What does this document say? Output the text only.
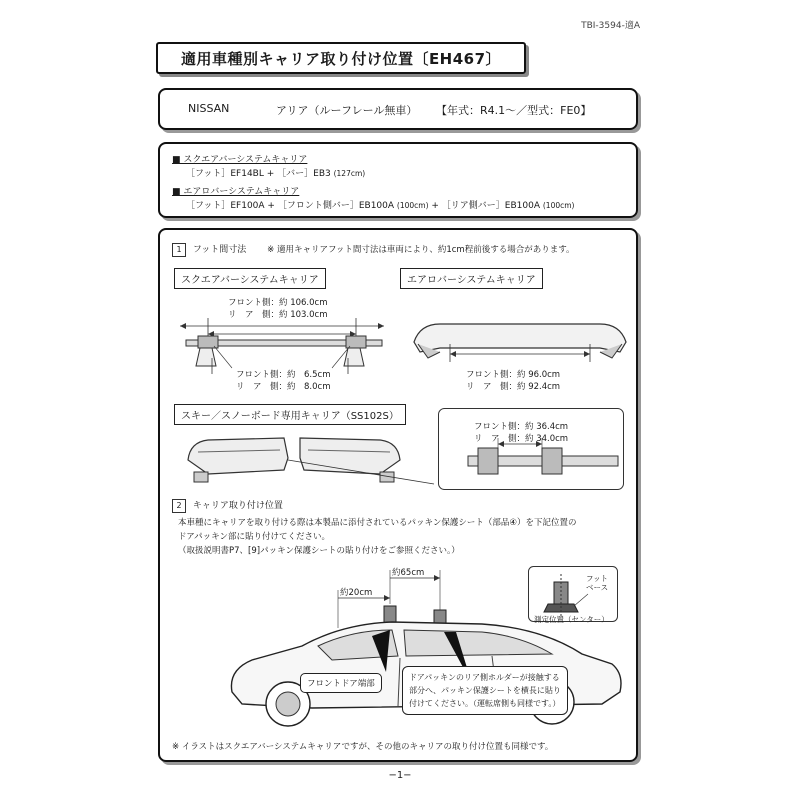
TBI-3594-適A
適用車種別キャリア取り付け位置〔EH467〕
NISSAN	アリア（ルーフレール無車） 【年式：R4.1〜／型式：FE0】
■ スクエアバーシステムキャリア
［フット］EF14BL + ［バー］EB3 (127cm)
■ エアロバーシステムキャリア
［フット］EF100A + ［フロント側バー］EB100A (100cm) + ［リア側バー］EB100A (100cm)
1 フット間寸法 ※ 適用キャリアフット間寸法は車両により、約1cm程前後する場合があります。
スクエアバーシステムキャリア
フロント側：約 106.0cm
リ　ア　側：約 103.0cm
フロント側：約　6.5cm
リ　ア　側：約　8.0cm
エアロバーシステムキャリア
フロント側：約 96.0cm
リ　ア　側：約 92.4cm
スキー／スノーボード専用キャリア（SS102S）
フロント側：約 36.4cm
リ　ア　側：約 34.0cm
2 キャリア取り付け位置
本車種にキャリアを取り付ける際は本製品に添付されているパッキン保護シート（部品④）を下記位置の
ドアパッキン部に貼り付けてください。
（取扱説明書P7、[9]パッキン保護シートの貼り付けをご参照ください。）
約65cm
約20cm
フット
ベース
測定位置（センター）
フロントドア端部
ドアパッキンのリア側ホルダーが接触する
部分へ、パッキン保護シートを横長に貼り
付けてください。（運転席側も同様です。）
※ イラストはスクエアバーシステムキャリアですが、その他のキャリアの取り付け位置も同様です。
−1−
